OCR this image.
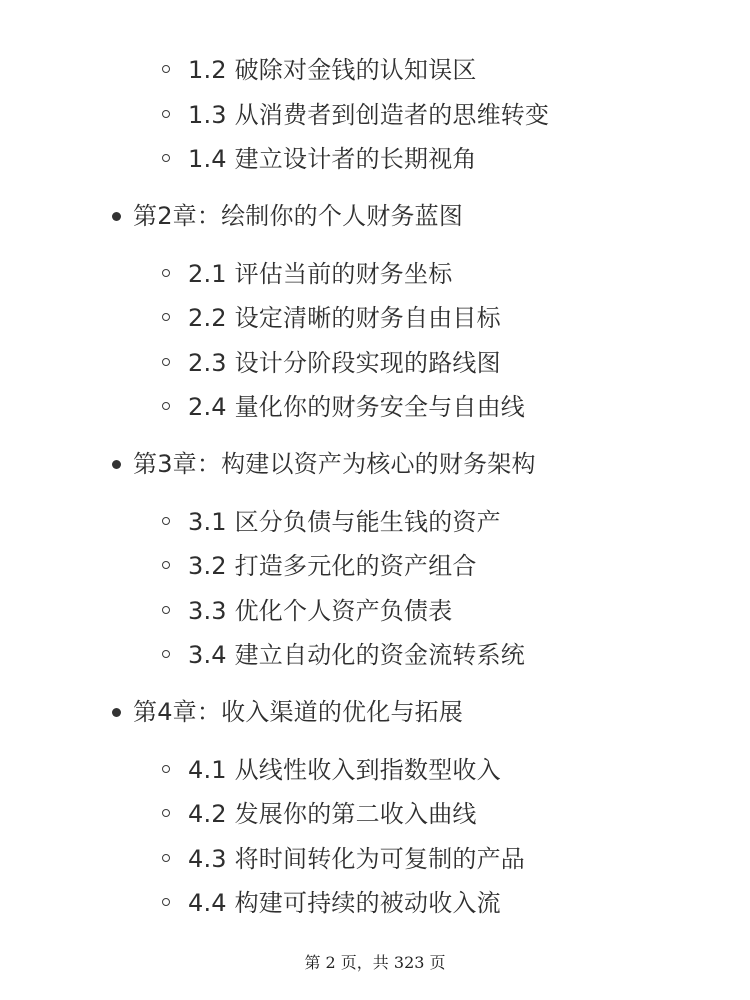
1.2 破除对金钱的认知误区
1.3 从消费者到创造者的思维转变
1.4 建立设计者的长期视角
第2章：绘制你的个人财务蓝图
2.1 评估当前的财务坐标
2.2 设定清晰的财务自由目标
2.3 设计分阶段实现的路线图
2.4 量化你的财务安全与自由线
第3章：构建以资产为核心的财务架构
3.1 区分负债与能生钱的资产
3.2 打造多元化的资产组合
3.3 优化个人资产负债表
3.4 建立自动化的资金流转系统
第4章：收入渠道的优化与拓展
4.1 从线性收入到指数型收入
4.2 发展你的第二收入曲线
4.3 将时间转化为可复制的产品
4.4 构建可持续的被动收入流
第 2 页，共 323 页
